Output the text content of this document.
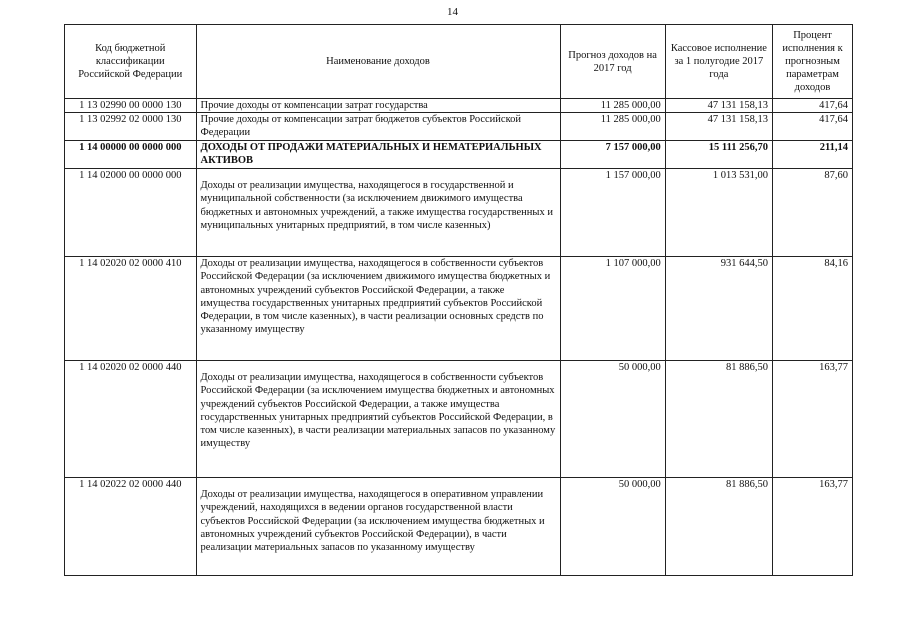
14
Код бюджетной классификации Российской Федерации	Наименование доходов	Прогноз доходов на 2017 год	Кассовое исполнение за 1 полугодие 2017 года	Процент исполнения к прогнозным параметрам доходов
1 13 02990 00 0000 130	Прочие доходы от компенсации затрат государства	11 285 000,00	47 131 158,13	417,64
1 13 02992 02 0000 130	Прочие доходы от компенсации затрат бюджетов субъектов Российской Федерации	11 285 000,00	47 131 158,13	417,64
1 14 00000 00 0000 000	ДОХОДЫ ОТ ПРОДАЖИ МАТЕРИАЛЬНЫХ И НЕМАТЕРИАЛЬНЫХ АКТИВОВ	7 157 000,00	15 111 256,70	211,14
1 14 02000 00 0000 000	Доходы от реализации имущества, находящегося в государственной и муниципальной собственности (за исключением движимого имущества бюджетных и автономных учреждений, а также имущества государственных и муниципальных унитарных предприятий, в том числе казенных)	1 157 000,00	1 013 531,00	87,60
1 14 02020 02 0000 410	Доходы от реализации имущества, находящегося в собственности субъектов Российской Федерации (за исключением движимого имущества бюджетных и автономных учреждений субъектов Российской Федерации, а также имущества государственных унитарных предприятий субъектов Российской Федерации, в том числе казенных), в части реализации основных средств по указанному имуществу	1 107 000,00	931 644,50	84,16
1 14 02020 02 0000 440	Доходы от реализации имущества, находящегося в собственности субъектов Российской Федерации (за исключением имущества бюджетных и автономных учреждений субъектов Российской Федерации, а также имущества государственных унитарных предприятий субъектов Российской Федерации, в том числе казенных), в части реализации материальных запасов по указанному имуществу	50 000,00	81 886,50	163,77
1 14 02022 02 0000 440	Доходы от реализации имущества, находящегося в оперативном управлении учреждений, находящихся в ведении органов государственной власти субъектов Российской Федерации (за исключением имущества бюджетных и автономных учреждений субъектов Российской Федерации), в части реализации материальных запасов по указанному имуществу	50 000,00	81 886,50	163,77
